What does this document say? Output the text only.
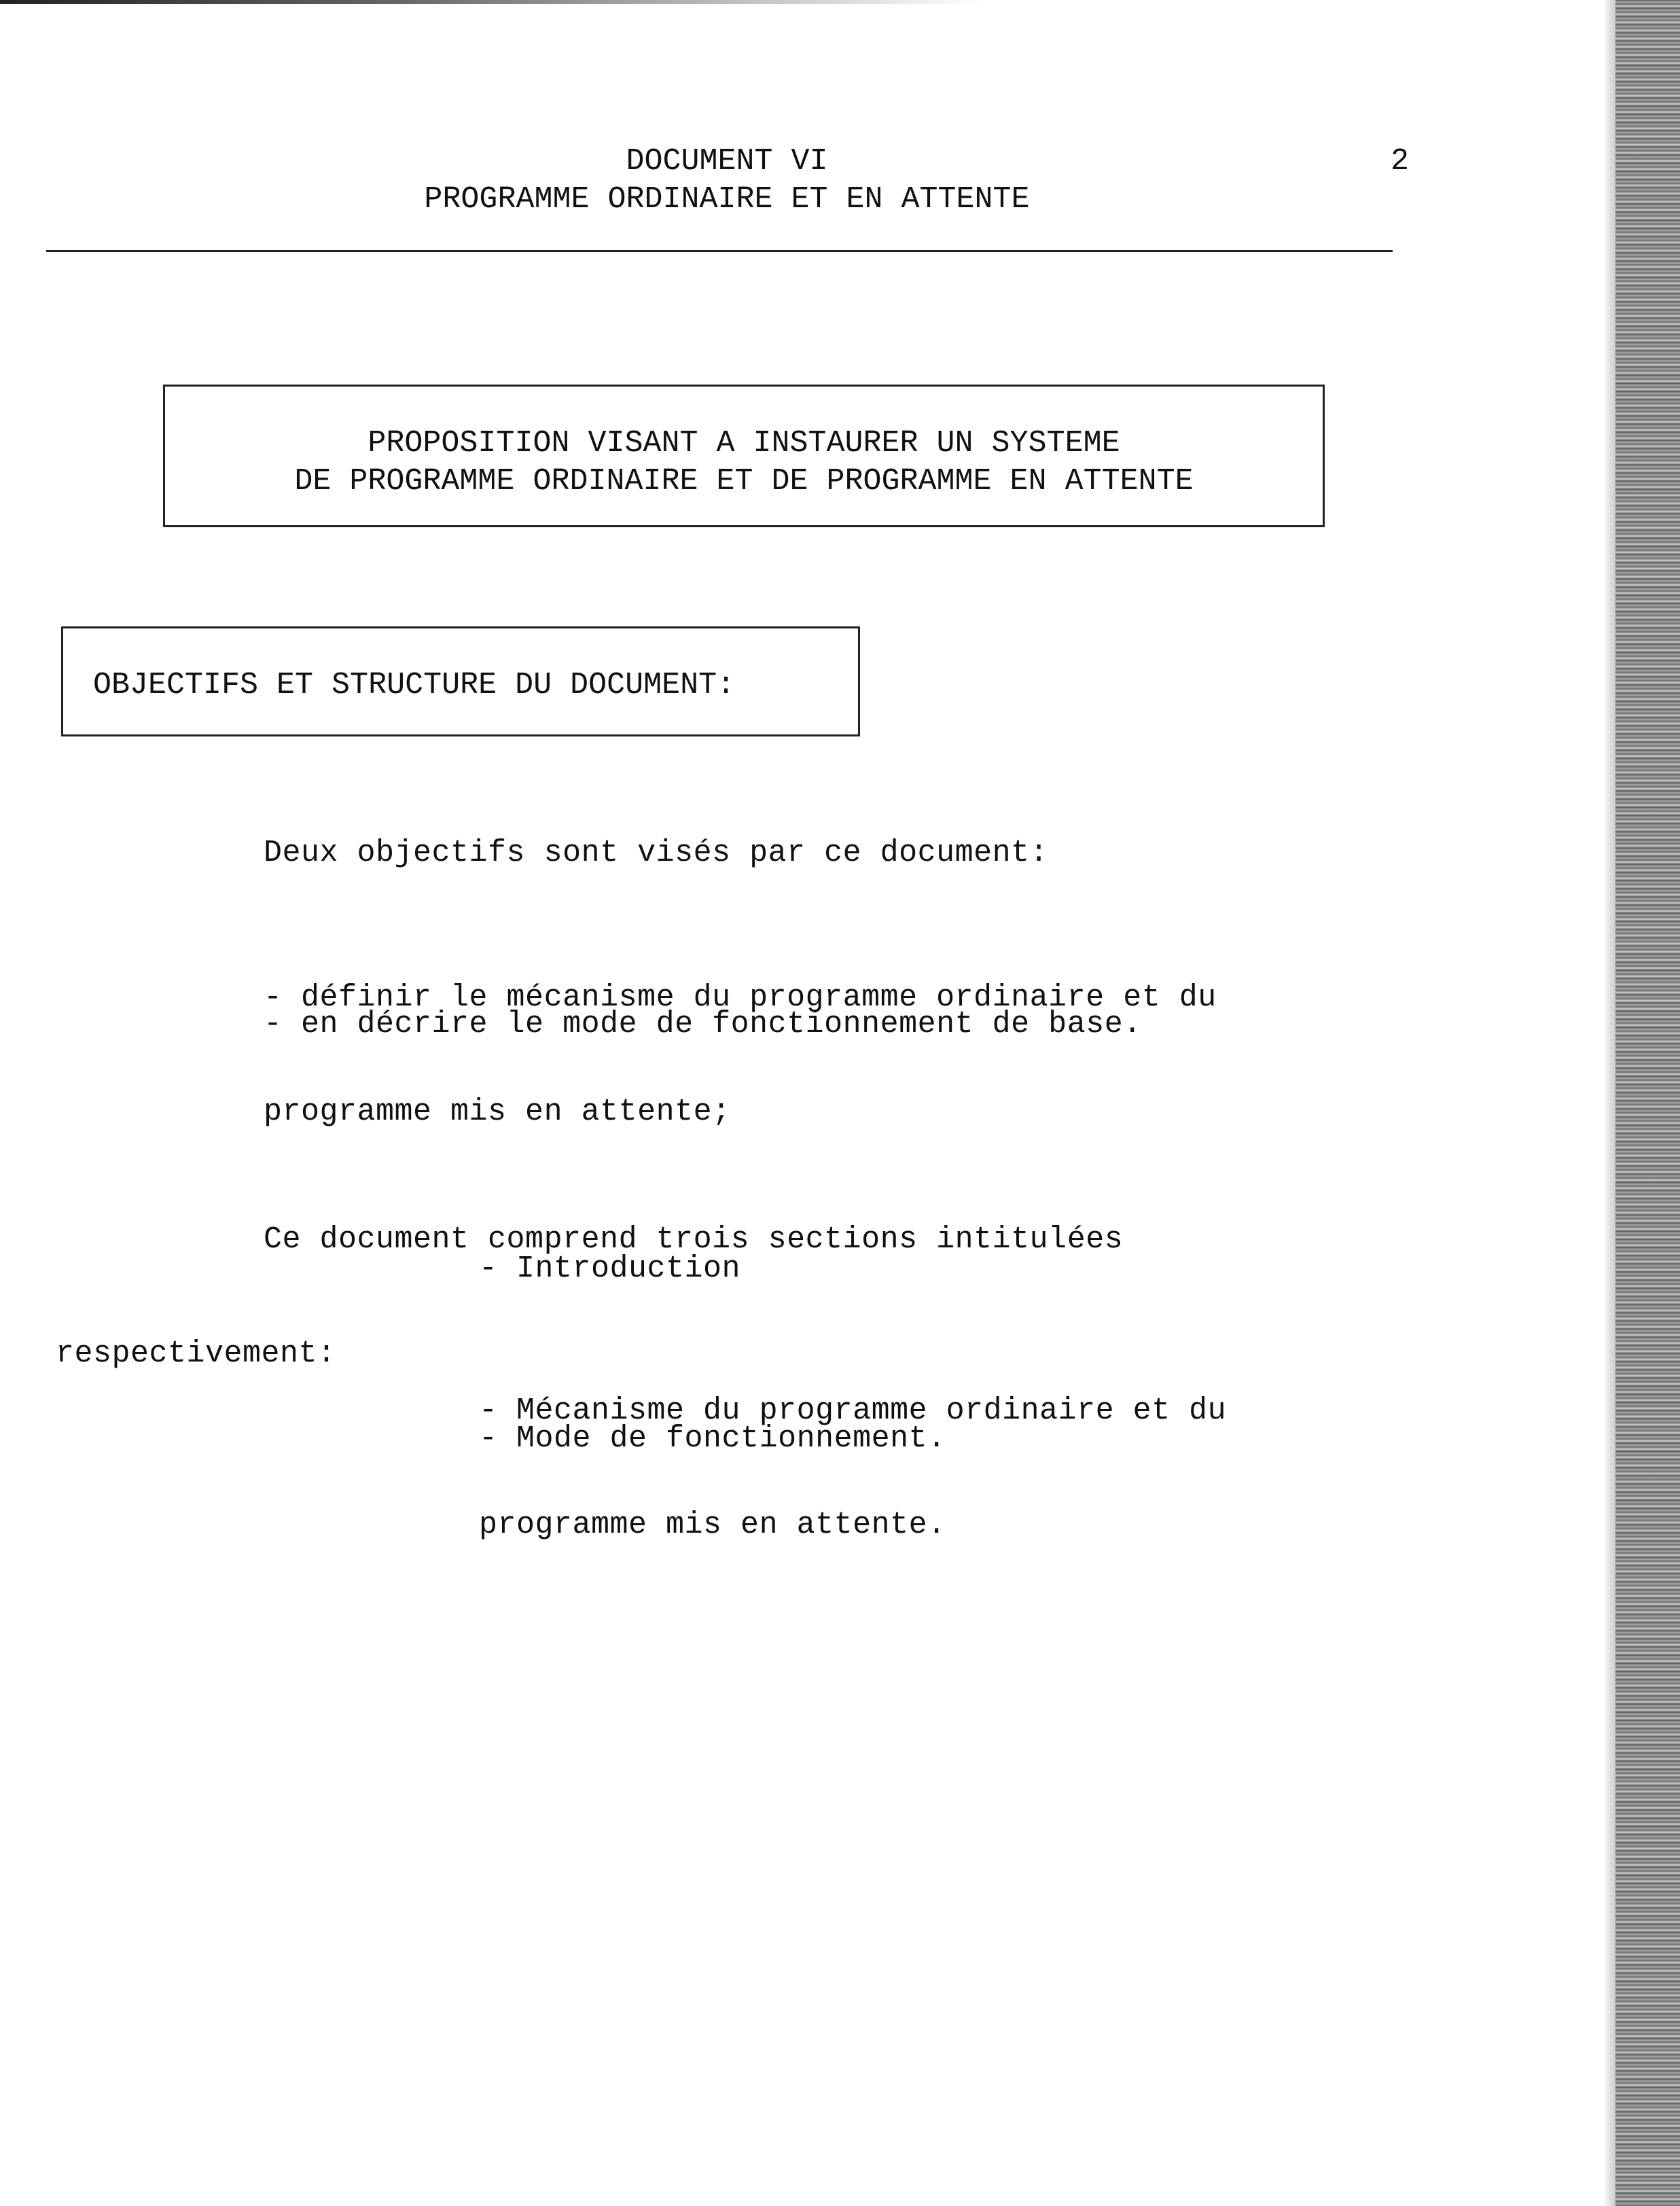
DOCUMENT VI
PROGRAMME ORDINAIRE ET EN ATTENTE
2
PROPOSITION VISANT A INSTAURER UN SYSTEME
DE PROGRAMME ORDINAIRE ET DE PROGRAMME EN ATTENTE
OBJECTIFS ET STRUCTURE DU DOCUMENT:
Deux objectifs sont visés par ce document:

- définir le mécanisme du programme ordinaire et du

programme mis en attente;

- en décrire le mode de fonctionnement de base.

Ce document comprend trois sections intitulées

respectivement:

- Introduction

- Mécanisme du programme ordinaire et du

programme mis en attente.

- Mode de fonctionnement.
